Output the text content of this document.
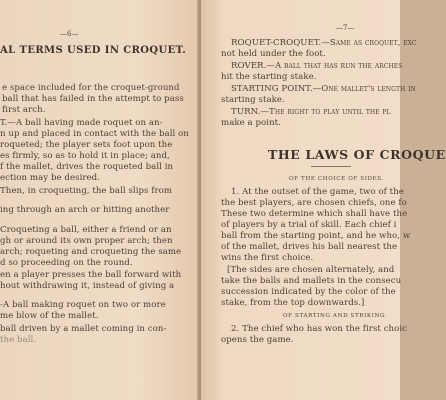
—6—
AL TERMS USED IN CROQUET.
e space included for the croquet-ground
ball that has failed in the attempt to pass
first arch.
T.—A ball having made roquet on an-
n up and placed in contact with the ball on
roqueted; the player sets foot upon the
es firmly, so as to hold it in place; and,
f the mallet, drives the roqueted ball in
ection may be desired.
Then, in croqueting, the ball slips from
ing through an arch or hitting another
Croqueting a ball, either a friend or an
gh or around its own proper arch; then
arch; roqueting and croqueting the same
d so proceeding on the round.
en a player presses the ball forward with
hout withdrawing it, instead of giving a
-A ball making roquet on two or more
me blow of the mallet.
ball driven by a mallet coming in con-
the ball.
—7—
ROQUET-CROQUET.—Same as croquet, exc
not held under the foot.
ROVER.—A ball that has run the arches
hit the starting stake.
STARTING POINT.—One mallet's length in
starting stake.
TURN.—The right to play until the pl
make a point.
THE LAWS OF CROQUE
OF THE CHOICE OF SIDES.
1. At the outset of the game, two of the
the best players, are chosen chiefs, one fo
These two determine which shall have the
of players by a trial of skill. Each chief i
ball from the starting point, and he who, w
of the mallet, drives his ball nearest the
wins the first choice.
[The sides are chosen alternately, and
take the balls and mallets in the consecu
succession indicated by the color of the
stake, from the top downwards.]
OF STARTING AND STRIKING.
2. The chief who has won the first choic
opens the game.
